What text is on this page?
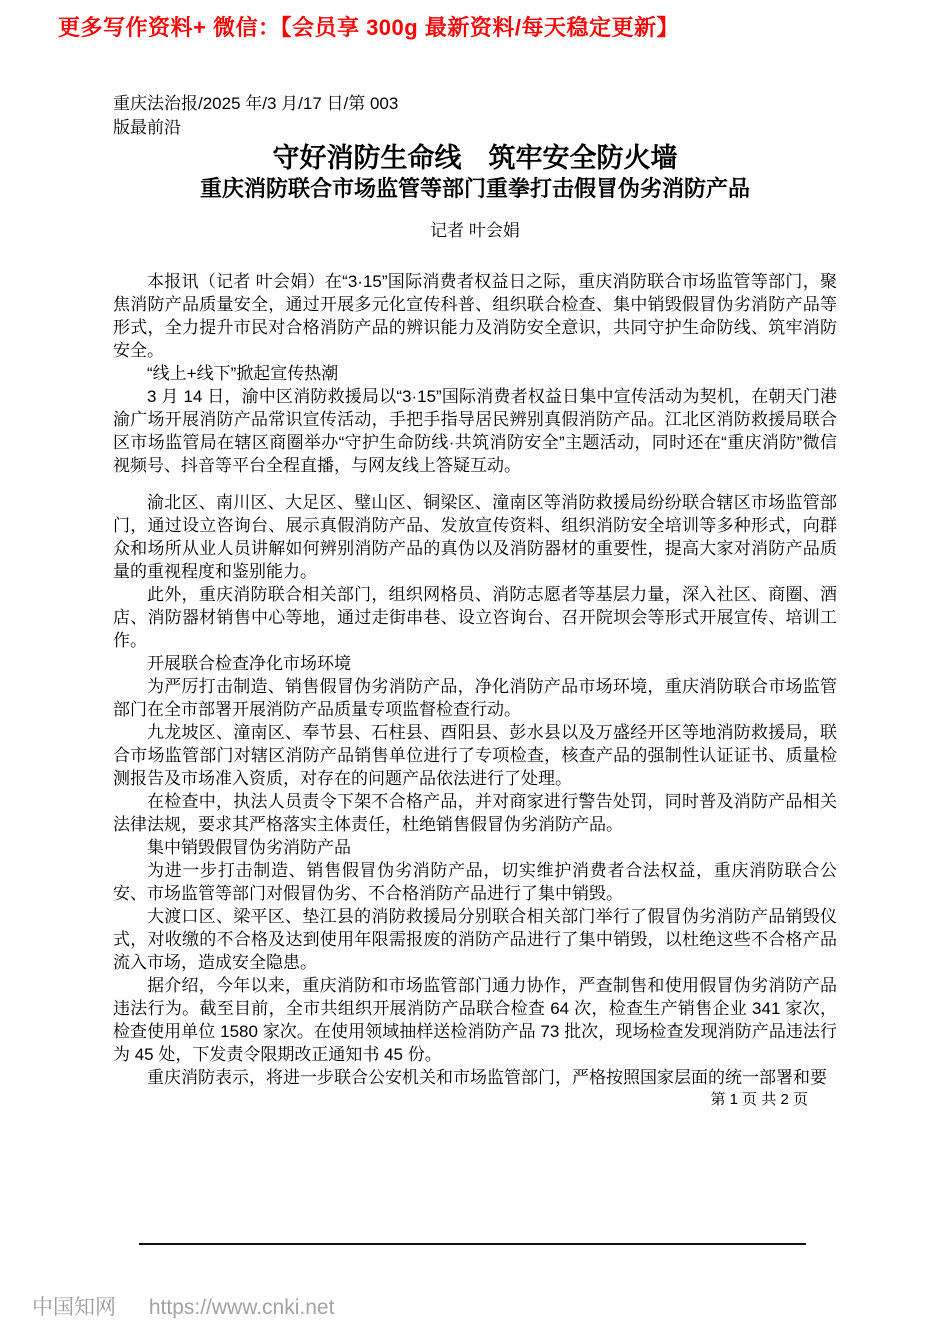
更多写作资料+ 微信：【会员享 300g 最新资料/每天稳定更新】
重庆法治报/2025 年/3 月/17 日/第 003
版最前沿
守好消防生命线　筑牢安全防火墙
重庆消防联合市场监管等部门重拳打击假冒伪劣消防产品
记者 叶会娟

本报讯（记者 叶会娟）在“3·15”国际消费者权益日之际，重庆消防联合市场监管等部门，聚焦消防产品质量安全，通过开展多元化宣传科普、组织联合检查、集中销毁假冒伪劣消防产品等形式，全力提升市民对合格消防产品的辨识能力及消防安全意识，共同守护生命防线、筑牢消防安全。

“线上+线下”掀起宣传热潮

3 月 14 日，渝中区消防救援局以“3·15”国际消费者权益日集中宣传活动为契机，在朝天门港渝广场开展消防产品常识宣传活动，手把手指导居民辨别真假消防产品。江北区消防救援局联合区市场监管局在辖区商圈举办“守护生命防线·共筑消防安全”主题活动，同时还在“重庆消防”微信视频号、抖音等平台全程直播，与网友线上答疑互动。

渝北区、南川区、大足区、璧山区、铜梁区、潼南区等消防救援局纷纷联合辖区市场监管部门，通过设立咨询台、展示真假消防产品、发放宣传资料、组织消防安全培训等多种形式，向群众和场所从业人员讲解如何辨别消防产品的真伪以及消防器材的重要性，提高大家对消防产品质量的重视程度和鉴别能力。

此外，重庆消防联合相关部门，组织网格员、消防志愿者等基层力量，深入社区、商圈、酒店、消防器材销售中心等地，通过走街串巷、设立咨询台、召开院坝会等形式开展宣传、培训工作。

开展联合检查净化市场环境

为严厉打击制造、销售假冒伪劣消防产品，净化消防产品市场环境，重庆消防联合市场监管部门在全市部署开展消防产品质量专项监督检查行动。

九龙坡区、潼南区、奉节县、石柱县、酉阳县、彭水县以及万盛经开区等地消防救援局，联合市场监管部门对辖区消防产品销售单位进行了专项检查，核查产品的强制性认证证书、质量检测报告及市场准入资质，对存在的问题产品依法进行了处理。

在检查中，执法人员责令下架不合格产品，并对商家进行警告处罚，同时普及消防产品相关法律法规，要求其严格落实主体责任，杜绝销售假冒伪劣消防产品。

集中销毁假冒伪劣消防产品

为进一步打击制造、销售假冒伪劣消防产品，切实维护消费者合法权益，重庆消防联合公安、市场监管等部门对假冒伪劣、不合格消防产品进行了集中销毁。

大渡口区、梁平区、垫江县的消防救援局分别联合相关部门举行了假冒伪劣消防产品销毁仪式，对收缴的不合格及达到使用年限需报废的消防产品进行了集中销毁，以杜绝这些不合格产品流入市场，造成安全隐患。

据介绍，今年以来，重庆消防和市场监管部门通力协作，严查制售和使用假冒伪劣消防产品违法行为。截至目前，全市共组织开展消防产品联合检查 64 次，检查生产销售企业 341 家次，检查使用单位 1580 家次。在使用领域抽样送检消防产品 73 批次，现场检查发现消防产品违法行为 45 处，下发责令限期改正通知书 45 份。

重庆消防表示，将进一步联合公安机关和市场监管部门，严格按照国家层面的统一部署和要

第 1 页 共 2 页
中国知网 https://www.cnki.net
